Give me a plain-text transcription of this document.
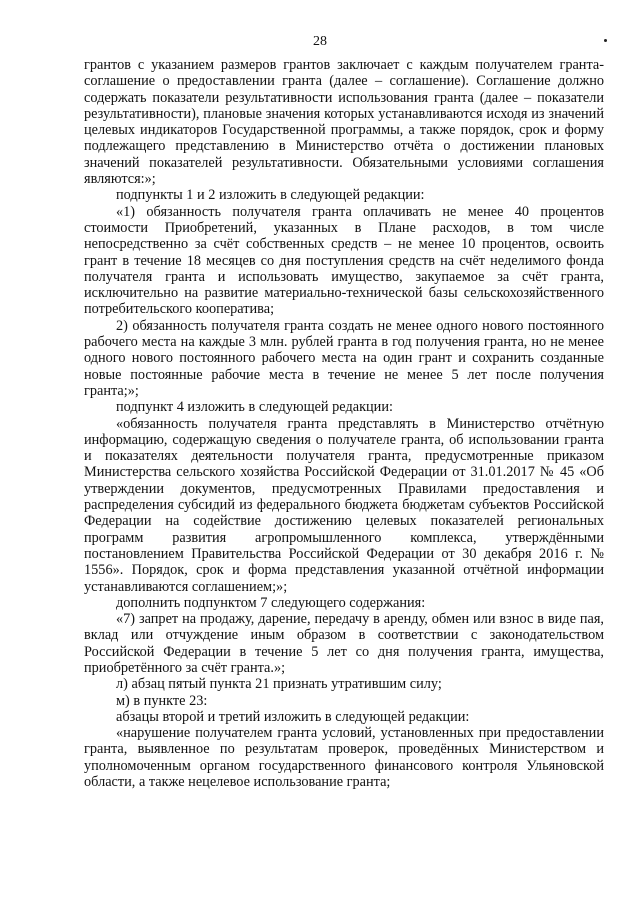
28

грантов с указанием размеров грантов заключает с каждым получателем гранта-соглашение о предоставлении гранта (далее – соглашение). Соглашение должно содержать показатели результативности использования гранта (далее – показатели результативности), плановые значения которых устанавливаются исходя из значений целевых индикаторов Государственной программы, а также порядок, срок и форму подлежащего представлению в Министерство отчёта о достижении плановых значений показателей результативности. Обязательными условиями соглашения являются:»;

подпункты 1 и 2 изложить в следующей редакции:

«1) обязанность получателя гранта оплачивать не менее 40 процентов стоимости Приобретений, указанных в Плане расходов, в том числе непосредственно за счёт собственных средств – не менее 10 процентов, освоить грант в течение 18 месяцев со дня поступления средств на счёт неделимого фонда получателя гранта и использовать имущество, закупаемое за счёт гранта, исключительно на развитие материально-технической базы сельскохозяйственного потребительского кооператива;

2) обязанность получателя гранта создать не менее одного нового постоянного рабочего места на каждые 3 млн. рублей гранта в год получения гранта, но не менее одного нового постоянного рабочего места на один грант и сохранить созданные новые постоянные рабочие места в течение не менее 5 лет после получения гранта;»;

подпункт 4 изложить в следующей редакции:

«обязанность получателя гранта представлять в Министерство отчётную информацию, содержащую сведения о получателе гранта, об использовании гранта и показателях деятельности получателя гранта, предусмотренные приказом Министерства сельского хозяйства Российской Федерации от 31.01.2017 № 45 «Об утверждении документов, предусмотренных Правилами предоставления и распределения субсидий из федерального бюджета бюджетам субъектов Российской Федерации на содействие достижению целевых показателей региональных программ развития агропромышленного комплекса, утверждёнными постановлением Правительства Российской Федерации от 30 декабря 2016 г. № 1556». Порядок, срок и форма представления указанной отчётной информации устанавливаются соглашением;»;

дополнить подпунктом 7 следующего содержания:

«7) запрет на продажу, дарение, передачу в аренду, обмен или взнос в виде пая, вклад или отчуждение иным образом в соответствии с законодательством Российской Федерации в течение 5 лет со дня получения гранта, имущества, приобретённого за счёт гранта.»;

л) абзац пятый пункта 21 признать утратившим силу;

м) в пункте 23:

абзацы второй и третий изложить в следующей редакции:

«нарушение получателем гранта условий, установленных при предоставлении гранта, выявленное по результатам проверок, проведённых Министерством и уполномоченным органом государственного финансового контроля Ульяновской области, а также нецелевое использование гранта;
